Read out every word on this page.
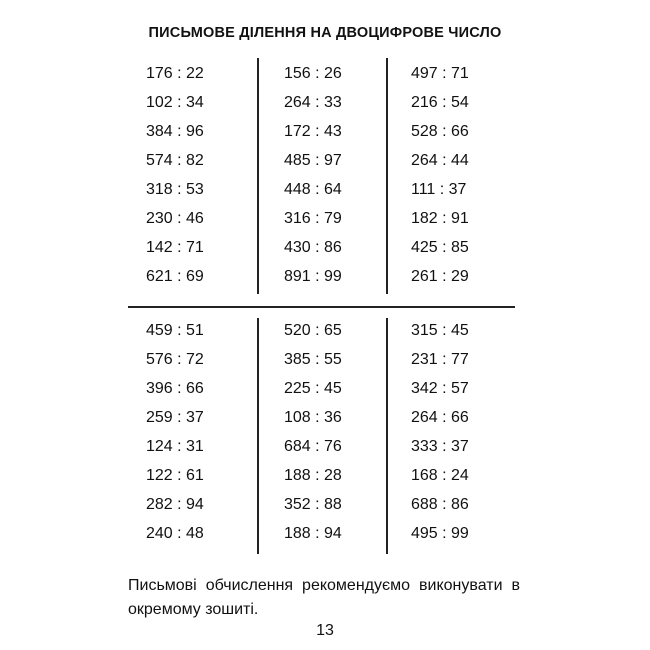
ПИСЬМОВЕ ДІЛЕННЯ НА ДВОЦИФРОВЕ ЧИСЛО
176 : 22
102 : 34
384 : 96
574 : 82
318 : 53
230 : 46
142 : 71
621 : 69
156 : 26
264 : 33
172 : 43
485 : 97
448 : 64
316 : 79
430 : 86
891 : 99
497 : 71
216 : 54
528 : 66
264 : 44
111 : 37
182 : 91
425 : 85
261 : 29
459 : 51
576 : 72
396 : 66
259 : 37
124 : 31
122 : 61
282 : 94
240 : 48
520 : 65
385 : 55
225 : 45
108 : 36
684 : 76
188 : 28
352 : 88
188 : 94
315 : 45
231 : 77
342 : 57
264 : 66
333 : 37
168 : 24
688 : 86
495 : 99
Письмові обчислення рекомендуємо виконувати в окремому зошиті.
13
